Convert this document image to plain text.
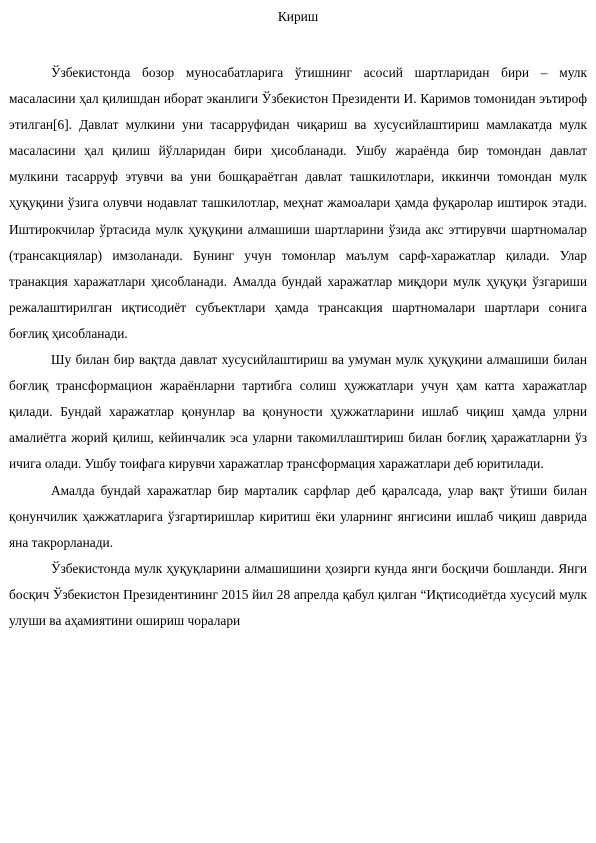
Кириш

Ўзбекистонда бозор муносабатларига ўтишнинг асосий шартларидан бири – мулк масаласини ҳал қилишдан иборат эканлиги Ўзбекистон Президенти И. Каримов томонидан эътироф этилган[6]. Давлат мулкини уни тасарруфидан чиқариш ва хусусийлаштириш мамлакатда мулк масаласини ҳал қилиш йўлларидан бири ҳисобланади. Ушбу жараёнда бир томондан давлат мулкини тасарруф этувчи ва уни бошқараётган давлат ташкилотлари, иккинчи томондан мулк ҳуқуқини ўзига олувчи нодавлат ташкилотлар, меҳнат жамоалари ҳамда фуқаролар иштирок этади. Иштирокчилар ўртасида мулк ҳуқуқини алмашиши шартларини ўзида акс эттирувчи шартномалар (трансакциялар) имзоланади. Бунинг учун томонлар маълум сарф-харажатлар қилади. Улар транакция харажатлари ҳисобланади. Амалда бундай харажатлар миқдори мулк ҳуқуқи ўзгариши режалаштирилган иқтисодиёт субъектлари ҳамда трансакция шартномалари шартлари сонига боғлиқ ҳисобланади.

Шу билан бир вақтда давлат хусусийлаштириш ва умуман мулк ҳуқуқини алмашиши билан боғлиқ трансформацион жараёнларни тартибга солиш ҳужжатлари учун ҳам катта харажатлар қилади. Бундай харажатлар қонунлар ва қонуности ҳужжатларини ишлаб чиқиш ҳамда улрни амалиётга жорий қилиш, кейинчалик эса уларни такомиллаштириш билан боғлиқ ҳаражатларни ўз ичига олади. Ушбу тоифага кирувчи харажатлар трансформация харажатлари деб юритилади.

Амалда бундай харажатлар бир марталик сарфлар деб қаралсада, улар вақт ўтиши билан қонунчилик ҳажжатларига ўзгартиришлар киритиш ёки уларнинг янгисини ишлаб чиқиш даврида яна такрорланади.

Ўзбекистонда мулк ҳуқуқларини алмашишини ҳозирги кунда янги босқичи бошланди. Янги босқич Ўзбекистон Президентининг 2015 йил 28 апрелда қабул қилган “Иқтисодиётда хусусий мулк улуши ва аҳамиятини ошириш чоралари
